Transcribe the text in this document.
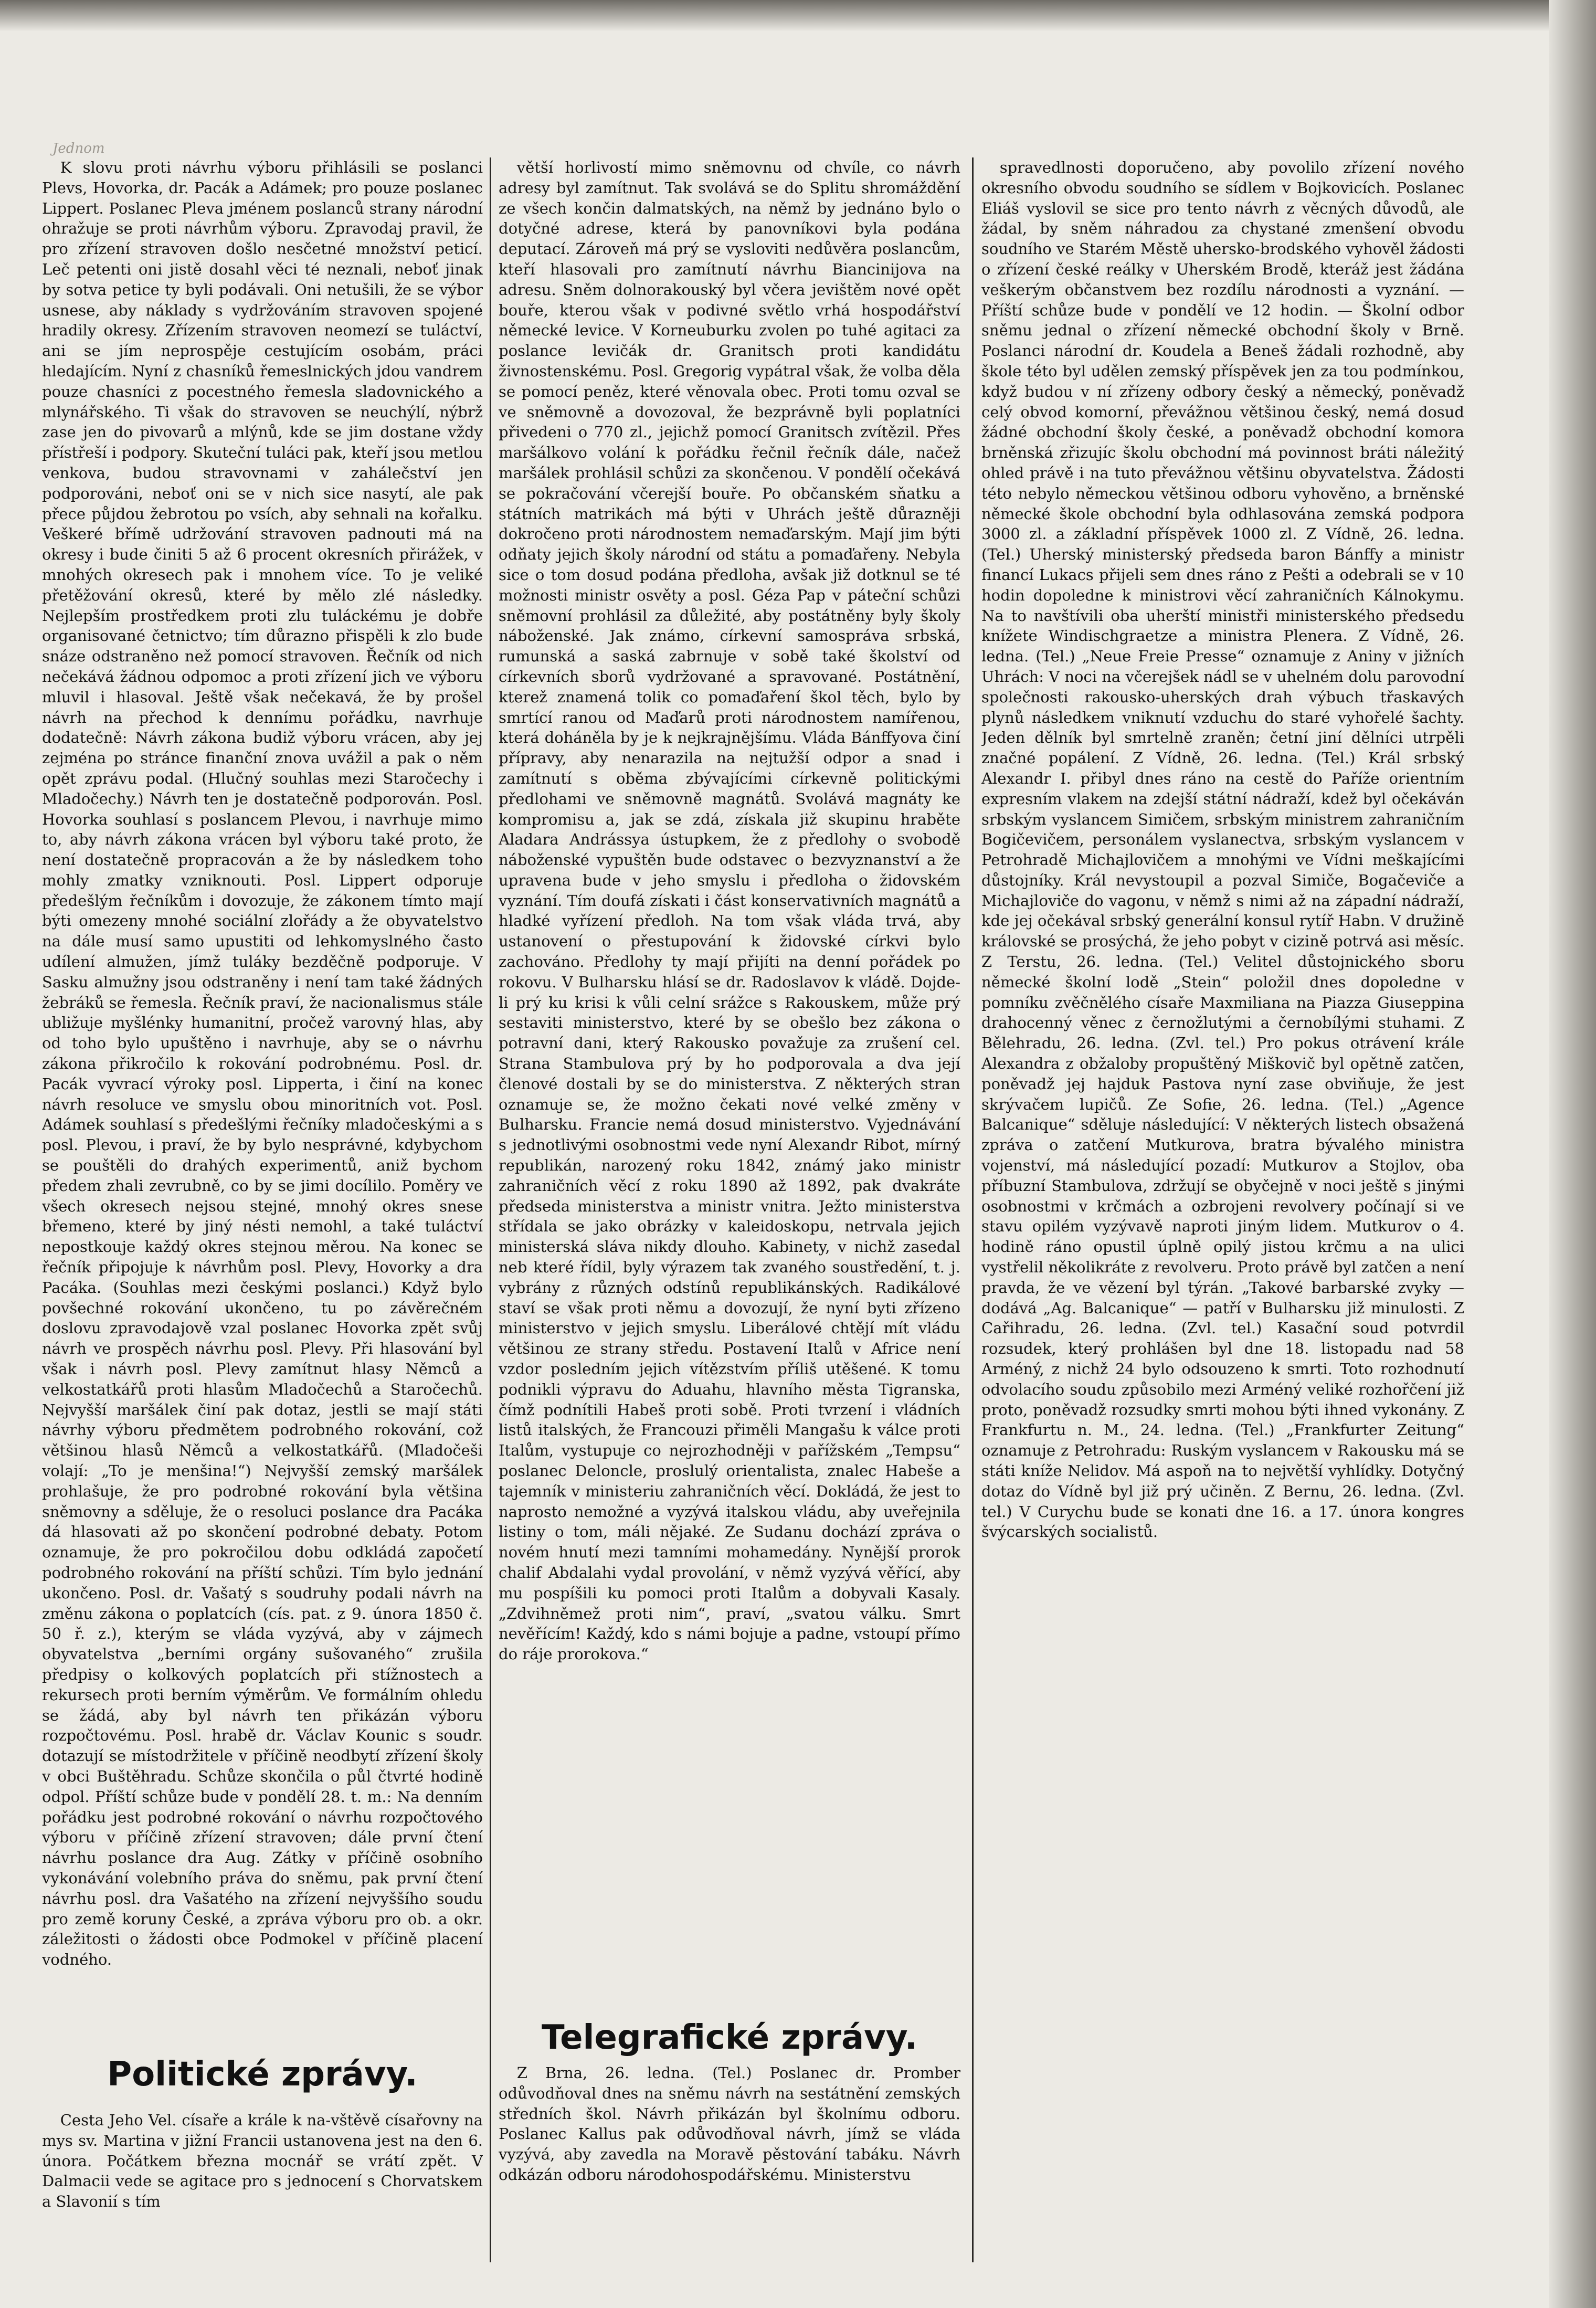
Jednom

K slovu proti návrhu výboru přihlásili se poslanci Plevs, Hovorka, dr. Pacák a Adámek; pro pouze poslanec Lippert. Poslanec Pleva jménem poslanců strany národní ohražuje se proti návrhům výboru. Zpravodaj pravil, že pro zřízení stravoven došlo nesčetné množství peticí. Leč petenti oni jistě dosahl věci té neznali, neboť jinak by sotva petice ty byli podávali. Oni netušili, že se výbor usnese, aby náklady s vydržováním stravoven spojené hradily okresy. Zřízením stravoven neomezí se tuláctví, ani se jím neprospěje cestujícím osobám, práci hledajícím. Nyní z chasníků řemeslnických jdou vandrem pouze chasníci z pocestného řemesla sladovnického a mlynářského. Ti však do stravoven se neuchýlí, nýbrž zase jen do pivovarů a mlýnů, kde se jim dostane vždy přístřeší i podpory. Skuteční tuláci pak, kteří jsou metlou venkova, budou stravovnami v zahálečství jen podporováni, neboť oni se v nich sice nasytí, ale pak přece půjdou žebrotou po vsích, aby sehnali na kořalku. Veškeré břímě udržování stravoven padnouti má na okresy i bude činiti 5 až 6 procent okresních přirážek, v mnohých okresech pak i mnohem více. To je veliké přetěžování okresů, které by mělo zlé následky. Nejlepším prostředkem proti zlu tuláckému je dobře organisované četnictvo; tím důrazno přispěli k zlo bude snáze odstraněno než pomocí stravoven. Řečník od nich nečekává žádnou odpomoc a proti zřízení jich ve výboru mluvil i hlasoval. Ještě však nečekavá, že by prošel návrh na přechod k dennímu pořádku, navrhuje dodatečně: Návrh zákona budiž výboru vrácen, aby jej zejména po stránce finanční znova uvážil a pak o něm opět zprávu podal. (Hlučný souhlas mezi Staročechy i Mladočechy.) Návrh ten je dostatečně podporován. Posl. Hovorka souhlasí s poslancem Plevou, i navrhuje mimo to, aby návrh zákona vrácen byl výboru také proto, že není dostatečně propracován a že by následkem toho mohly zmatky vzniknouti. Posl. Lippert odporuje předešlým řečníkům i dovozuje, že zákonem tímto mají býti omezeny mnohé sociální zlořády a že obyvatelstvo na dále musí samo upustiti od lehkomyslného často udílení almužen, jímž tuláky bezděčně podporuje. V Sasku almužny jsou odstraněny i není tam také žádných žebráků se řemesla. Řečník praví, že nacionalismus stále ubližuje myšlénky humanitní, pročež varovný hlas, aby od toho bylo upuštěno i navrhuje, aby se o návrhu zákona přikročilo k rokování podrobnému. Posl. dr. Pacák vyvrací výroky posl. Lipperta, i činí na konec návrh resoluce ve smyslu obou minoritních vot. Posl. Adámek souhlasí s předešlými řečníky mladočeskými a s posl. Plevou, i praví, že by bylo nesprávné, kdybychom se pouštěli do drahých experimentů, aniž bychom předem zhali zevrubně, co by se jimi docílilo. Poměry ve všech okresech nejsou stejné, mnohý okres snese břemeno, které by jiný nésti nemohl, a také tuláctví nepostkouje každý okres stejnou měrou. Na konec se řečník připojuje k návrhům posl. Plevy, Hovorky a dra Pacáka. (Souhlas mezi českými poslanci.) Když bylo povšechné rokování ukončeno, tu po závěrečném doslovu zpravodajově vzal poslanec Hovorka zpět svůj návrh ve prospěch návrhu posl. Plevy. Při hlasování byl však i návrh posl. Plevy zamítnut hlasy Němců a velkostatkářů proti hlasům Mladočechů a Staročechů. Nejvyšší maršálek činí pak dotaz, jestli se mají státi návrhy výboru předmětem podrobného rokování, což většinou hlasů Němců a velkostatkářů. (Mladočeši volají: „To je menšina!“) Nejvyšší zemský maršálek prohlašuje, že pro podrobné rokování byla většina sněmovny a sděluje, že o resoluci poslance dra Pacáka dá hlasovati až po skončení podrobné debaty. Potom oznamuje, že pro pokročilou dobu odkládá započetí podrobného rokování na příští schůzi. Tím bylo jednání ukončeno. Posl. dr. Vašatý s soudruhy podali návrh na změnu zákona o poplatcích (cís. pat. z 9. února 1850 č. 50 ř. z.), kterým se vláda vyzývá, aby v zájmech obyvatelstva „berními orgány sušovaného“ zrušila předpisy o kolkových poplatcích při stížnostech a rekursech proti berním výměrům. Ve formálním ohledu se žádá, aby byl návrh ten přikázán výboru rozpočtovému. Posl. hrabě dr. Václav Kounic s soudr. dotazují se místodržitele v příčině neodbytí zřízení školy v obci Buštěhradu. Schůze skončila o půl čtvrté hodině odpol. Příští schůze bude v pondělí 28. t. m.: Na denním pořádku jest podrobné rokování o návrhu rozpočtového výboru v příčině zřízení stravoven; dále první čtení návrhu poslance dra Aug. Zátky v příčině osobního vykonávání volebního práva do sněmu, pak první čtení návrhu posl. dra Vašatého na zřízení nejvyššího soudu pro země koruny České, a zpráva výboru pro ob. a okr. záležitosti o žádosti obce Podmokel v příčině placení vodného.

Politické zprávy.

Cesta Jeho Vel. císaře a krále k na-vštěvě císařovny na mys sv. Martina v jižní Francii ustanovena jest na den 6. února. Počátkem března mocnář se vrátí zpět. V Dalmacii vede se agitace pro s jednocení s Chorvatskem a Slavonií s tím

větší horlivostí mimo sněmovnu od chvíle, co návrh adresy byl zamítnut. Tak svolává se do Splitu shromáždění ze všech končin dalmatských, na němž by jednáno bylo o dotyčné adrese, která by panovníkovi byla podána deputací. Zároveň má prý se vysloviti nedůvěra poslancům, kteří hlasovali pro zamítnutí návrhu Biancinijova na adresu. Sněm dolnorakouský byl včera jevištěm nové opět bouře, kterou však v podivné světlo vrhá hospodářství německé levice. V Korneuburku zvolen po tuhé agitaci za poslance levičák dr. Granitsch proti kandidátu živnostenskému. Posl. Gregorig vypátral však, že volba děla se pomocí peněz, které věnovala obec. Proti tomu ozval se ve sněmovně a dovozoval, že bezprávně byli poplatníci přivedeni o 770 zl., jejichž pomocí Granitsch zvítězil. Přes maršálkovo volání k pořádku řečnil řečník dále, načež maršálek prohlásil schůzi za skončenou. V pondělí očekává se pokračování včerejší bouře. Po občanském sňatku a státních matrikách má býti v Uhrách ještě důrazněji dokročeno proti národnostem nemaďarským. Mají jim býti odňaty jejich školy národní od státu a pomaďařeny. Nebyla sice o tom dosud podána předloha, avšak již dotknul se té možnosti ministr osvěty a posl. Géza Pap v páteční schůzi sněmovní prohlásil za důležité, aby postátněny byly školy náboženské. Jak známo, církevní samospráva srbská, rumunská a saská zabrnuje v sobě také školství od církevních sborů vydržované a spravované. Postátnění, kterež znamená tolik co pomaďaření škol těch, bylo by smrtící ranou od Maďarů proti národnostem namířenou, která doháněla by je k nejkrajnějšímu. Vláda Bánffyova činí přípravy, aby nenarazila na nejtužší odpor a snad i zamítnutí s oběma zbývajícími církevně politickými předlohami ve sněmovně magnátů. Svolává magnáty ke kompromisu a, jak se zdá, získala již skupinu hraběte Aladara Andrássya ústupkem, že z předlohy o svobodě náboženské vypuštěn bude odstavec o bezvyznanství a že upravena bude v jeho smyslu i předloha o židovském vyznání. Tím doufá získati i část konservativních magnátů a hladké vyřízení předloh. Na tom však vláda trvá, aby ustanovení o přestupování k židovské církvi bylo zachováno. Předlohy ty mají přijíti na denní pořádek po rokovu. V Bulharsku hlásí se dr. Radoslavov k vládě. Dojde-li prý ku krisi k vůli celní srážce s Rakouskem, může prý sestaviti ministerstvo, které by se obešlo bez zákona o potravní dani, který Rakousko považuje za zrušení cel. Strana Stambulova prý by ho podporovala a dva její členové dostali by se do ministerstva. Z některých stran oznamuje se, že možno čekati nové velké změny v Bulharsku. Francie nemá dosud ministerstvo. Vyjednávání s jednotlivými osobnostmi vede nyní Alexandr Ribot, mírný republikán, narozený roku 1842, známý jako ministr zahraničních věcí z roku 1890 až 1892, pak dvakráte předseda ministerstva a ministr vnitra. Ježto ministerstva střídala se jako obrázky v kaleidoskopu, netrvala jejich ministerská sláva nikdy dlouho. Kabinety, v nichž zasedal neb které řídil, byly výrazem tak zvaného soustředění, t. j. vybrány z různých odstínů republikánských. Radikálové staví se však proti němu a dovozují, že nyní byti zřízeno ministerstvo v jejich smyslu. Liberálové chtějí mít vládu většinou ze strany středu. Postavení Italů v Africe není vzdor posledním jejich vítězstvím příliš utěšené. K tomu podnikli výpravu do Aduahu, hlavního města Tigranska, čímž podnítili Habeš proti sobě. Proti tvrzení i vládních listů italských, že Francouzi přiměli Mangašu k válce proti Italům, vystupuje co nejrozhodněji v pařížském „Tempsu“ poslanec Deloncle, proslulý orientalista, znalec Habeše a tajemník v ministeriu zahraničních věcí. Dokládá, že jest to naprosto nemožné a vyzývá italskou vládu, aby uveřejnila listiny o tom, máli nějaké. Ze Sudanu dochází zpráva o novém hnutí mezi tamními mohamedány. Nynější prorok chalif Abdalahi vydal provolání, v němž vyzývá věřící, aby mu pospíšili ku pomoci proti Italům a dobyvali Kasaly. „Zdvihněmež proti nim“, praví, „svatou válku. Smrt nevěřícím! Každý, kdo s námi bojuje a padne, vstoupí přímo do ráje prorokova.“

Telegrafické zprávy.

Z Brna, 26. ledna. (Tel.) Poslanec dr. Promber odůvodňoval dnes na sněmu návrh na sestátnění zemských středních škol. Návrh přikázán byl školnímu odboru. Poslanec Kallus pak odůvodňoval návrh, jímž se vláda vyzývá, aby zavedla na Moravě pěstování tabáku. Návrh odkázán odboru národohospodářskému. Ministerstvu

spravedlnosti doporučeno, aby povolilo zřízení nového okresního obvodu soudního se sídlem v Bojkovicích. Poslanec Eliáš vyslovil se sice pro tento návrh z věcných důvodů, ale žádal, by sněm náhradou za chystané zmenšení obvodu soudního ve Starém Městě uhersko-brodského vyhověl žádosti o zřízení české reálky v Uherském Brodě, kteráž jest žádána veškerým občanstvem bez rozdílu národnosti a vyznání. — Příští schůze bude v pondělí ve 12 hodin. — Školní odbor sněmu jednal o zřízení německé obchodní školy v Brně. Poslanci národní dr. Koudela a Beneš žádali rozhodně, aby škole této byl udělen zemský příspěvek jen za tou podmínkou, když budou v ní zřízeny odbory český a německý, poněvadž celý obvod komorní, převážnou většinou český, nemá dosud žádné obchodní školy české, a poněvadž obchodní komora brněnská zřizujíc školu obchodní má povinnost bráti náležitý ohled právě i na tuto převážnou většinu obyvatelstva. Žádosti této nebylo německou většinou odboru vyhověno, a brněnské německé škole obchodní byla odhlasována zemská podpora 3000 zl. a základní příspěvek 1000 zl. Z Vídně, 26. ledna. (Tel.) Uherský ministerský předseda baron Bánffy a ministr financí Lukacs přijeli sem dnes ráno z Pešti a odebrali se v 10 hodin dopoledne k ministrovi věcí zahraničních Kálnokymu. Na to navštívili oba uherští ministři ministerského předsedu knížete Windischgraetze a ministra Plenera. Z Vídně, 26. ledna. (Tel.) „Neue Freie Presse“ oznamuje z Aniny v jižních Uhrách: V noci na včerejšek nádl se v uhelném dolu parovodní společnosti rakousko-uherských drah výbuch třaskavých plynů následkem vniknutí vzduchu do staré vyhořelé šachty. Jeden dělník byl smrtelně zraněn; četní jiní dělníci utrpěli značné popálení. Z Vídně, 26. ledna. (Tel.) Král srbský Alexandr I. přibyl dnes ráno na cestě do Paříže orientním expresním vlakem na zdejší státní nádraží, kdež byl očekáván srbským vyslancem Simičem, srbským ministrem zahraničním Bogičevičem, personálem vyslanectva, srbským vyslancem v Petrohradě Michajlovičem a mnohými ve Vídni meškajícími důstojníky. Král nevystoupil a pozval Simiče, Bogačeviče a Michajloviče do vagonu, v němž s nimi až na západní nádraží, kde jej očekával srbský generální konsul rytíř Habn. V družině královské se prosýchá, že jeho pobyt v cizině potrvá asi měsíc. Z Terstu, 26. ledna. (Tel.) Velitel důstojnického sboru německé školní lodě „Stein“ položil dnes dopoledne v pomníku zvěčnělého císaře Maxmiliana na Piazza Giuseppina drahocenný věnec z černožlutými a černobílými stuhami. Z Bělehradu, 26. ledna. (Zvl. tel.) Pro pokus otrávení krále Alexandra z obžaloby propuštěný Miškovič byl opětně zatčen, poněvadž jej hajduk Pastova nyní zase obviňuje, že jest skrývačem lupičů. Ze Sofie, 26. ledna. (Tel.) „Agence Balcanique“ sděluje následující: V některých listech obsažená zpráva o zatčení Mutkurova, bratra bývalého ministra vojenství, má následující pozadí: Mutkurov a Stojlov, oba příbuzní Stambulova, zdržují se obyčejně v noci ještě s jinými osobnostmi v krčmách a ozbrojeni revolvery počínají si ve stavu opilém vyzývavě naproti jiným lidem. Mutkurov o 4. hodině ráno opustil úplně opilý jistou krčmu a na ulici vystřelil několikráte z revolveru. Proto právě byl zatčen a není pravda, že ve vězení byl týrán. „Takové barbarské zvyky — dodává „Ag. Balcanique“ — patří v Bulharsku již minulosti. Z Cařihradu, 26. ledna. (Zvl. tel.) Kasační soud potvrdil rozsudek, který prohlášen byl dne 18. listopadu nad 58 Arméný, z nichž 24 bylo odsouzeno k smrti. Toto rozhodnutí odvolacího soudu způsobilo mezi Arméný veliké rozhořčení již proto, poněvadž rozsudky smrti mohou býti ihned vykonány. Z Frankfurtu n. M., 24. ledna. (Tel.) „Frankfurter Zeitung“ oznamuje z Petrohradu: Ruským vyslancem v Rakousku má se státi kníže Nelidov. Má aspoň na to největší vyhlídky. Dotyčný dotaz do Vídně byl již prý učiněn. Z Bernu, 26. ledna. (Zvl. tel.) V Curychu bude se konati dne 16. a 17. února kongres švýcarských socialistů.
